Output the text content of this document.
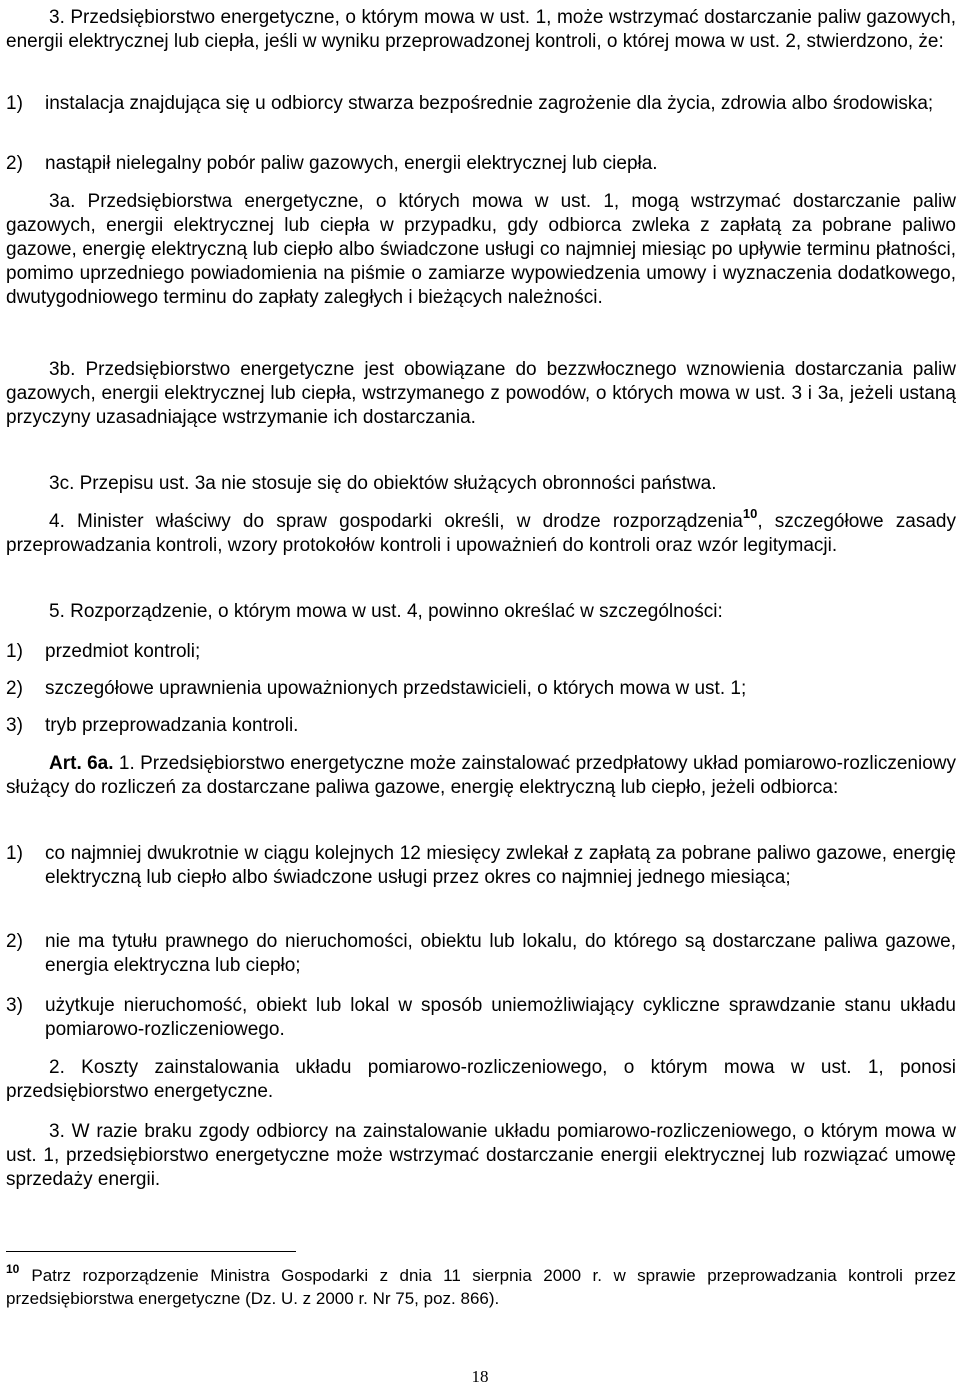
3. Przedsiębiorstwo energetyczne, o którym mowa w ust. 1, może wstrzymać dostarczanie paliw gazowych, energii elektrycznej lub ciepła, jeśli w wyniku przeprowadzonej kontroli, o której mowa w ust. 2, stwierdzono, że:

1) instalacja znajdująca się u odbiorcy stwarza bezpośrednie zagrożenie dla życia, zdrowia albo środowiska;
2) nastąpił nielegalny pobór paliw gazowych, energii elektrycznej lub ciepła.

3a. Przedsiębiorstwa energetyczne, o których mowa w ust. 1, mogą wstrzymać dostarczanie paliw gazowych, energii elektrycznej lub ciepła w przypadku, gdy odbiorca zwleka z zapłatą za pobrane paliwo gazowe, energię elektryczną lub ciepło albo świadczone usługi co najmniej miesiąc po upływie terminu płatności, pomimo uprzedniego powiadomienia na piśmie o zamiarze wypowiedzenia umowy i wyznaczenia dodatkowego, dwutygodniowego terminu do zapłaty zaległych i bieżących należności.

3b. Przedsiębiorstwo energetyczne jest obowiązane do bezzwłocznego wznowienia dostarczania paliw gazowych, energii elektrycznej lub ciepła, wstrzymanego z powodów, o których mowa w ust. 3 i 3a, jeżeli ustaną przyczyny uzasadniające wstrzymanie ich dostarczania.

3c. Przepisu ust. 3a nie stosuje się do obiektów służących obronności państwa.

4. Minister właściwy do spraw gospodarki określi, w drodze rozporządzenia$^{10}$, szczegółowe zasady przeprowadzania kontroli, wzory protokołów kontroli i upoważnień do kontroli oraz wzór legitymacji.

5. Rozporządzenie, o którym mowa w ust. 4, powinno określać w szczególności:

1) przedmiot kontroli;
2) szczegółowe uprawnienia upoważnionych przedstawicieli, o których mowa w ust. 1;
3) tryb przeprowadzania kontroli.

Art. 6a. 1. Przedsiębiorstwo energetyczne może zainstalować przedpłatowy układ pomiarowo-rozliczeniowy służący do rozliczeń za dostarczane paliwa gazowe, energię elektryczną lub ciepło, jeżeli odbiorca:

1) co najmniej dwukrotnie w ciągu kolejnych 12 miesięcy zwlekał z zapłatą za pobrane paliwo gazowe, energię elektryczną lub ciepło albo świadczone usługi przez okres co najmniej jednego miesiąca;
2) nie ma tytułu prawnego do nieruchomości, obiektu lub lokalu, do którego są dostarczane paliwa gazowe, energia elektryczna lub ciepło;
3) użytkuje nieruchomość, obiekt lub lokal w sposób uniemożliwiający cykliczne sprawdzanie stanu układu pomiarowo-rozliczeniowego.

2. Koszty zainstalowania układu pomiarowo-rozliczeniowego, o którym mowa w ust. 1, ponosi przedsiębiorstwo energetyczne.

3. W razie braku zgody odbiorcy na zainstalowanie układu pomiarowo-rozliczeniowego, o którym mowa w ust. 1, przedsiębiorstwo energetyczne może wstrzymać dostarczanie energii elektrycznej lub rozwiązać umowę sprzedaży energii.

$^{10}$ Patrz rozporządzenie Ministra Gospodarki z dnia 11 sierpnia 2000 r. w sprawie przeprowadzania kontroli przez przedsiębiorstwa energetyczne (Dz. U. z 2000 r. Nr 75, poz. 866).
18
